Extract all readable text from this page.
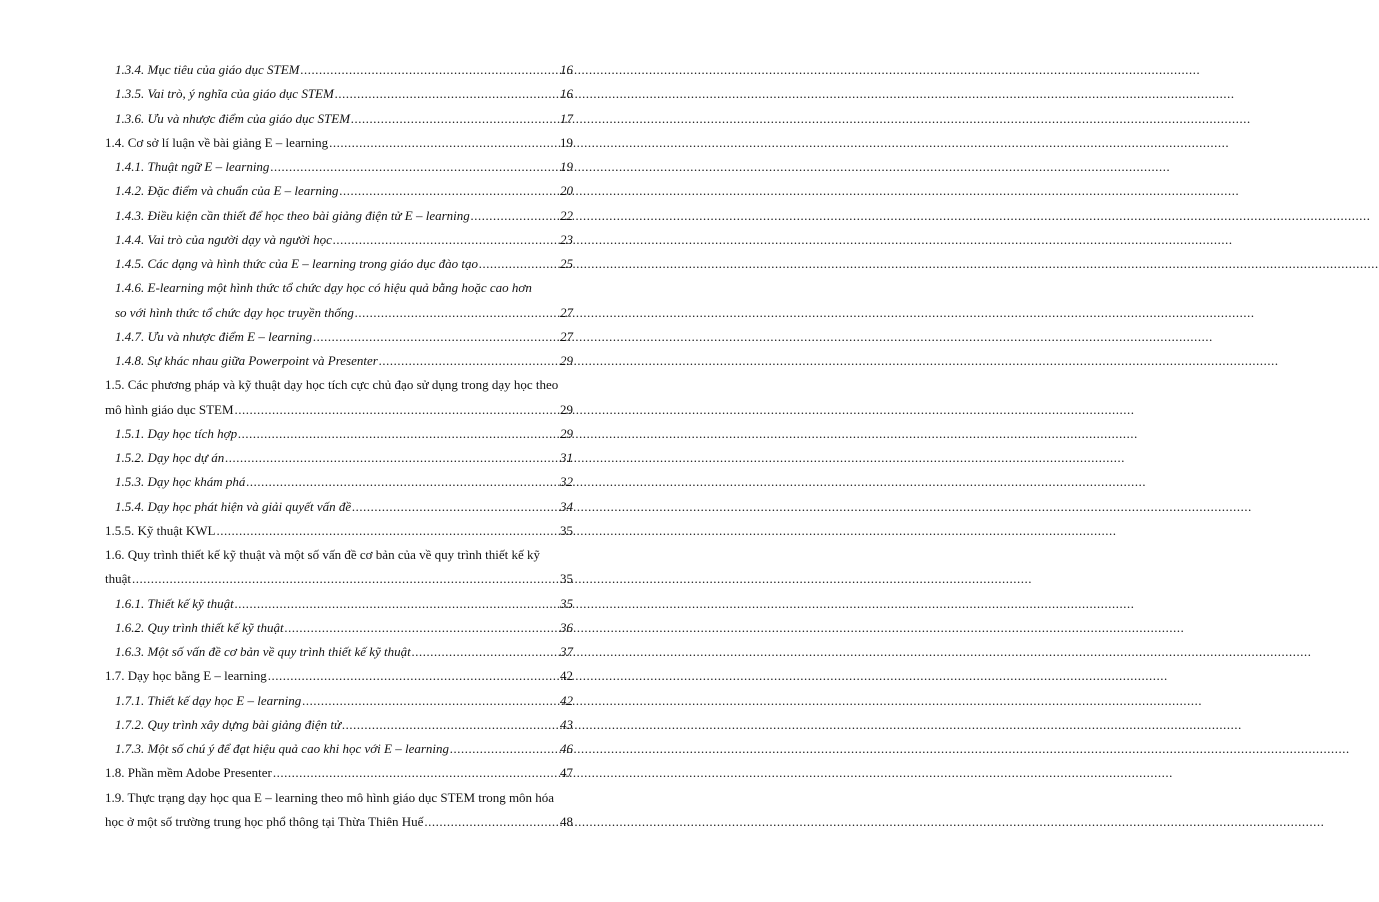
1.3.4. Mục tiêu của giáo dục STEM .....	16
1.3.5. Vai trò, ý nghĩa của giáo dục STEM .....	16
1.3.6. Ưu và nhược điểm của giáo dục STEM .....	17
1.4. Cơ sở lí luận về bài giảng E – learning .....	19
1.4.1. Thuật ngữ E – learning .....	19
1.4.2. Đặc điểm và chuẩn của E – learning .....	20
1.4.3. Điều kiện cần thiết để học theo bài giảng điện tử E – learning .....	22
1.4.4. Vai trò của người dạy và người học .....	23
1.4.5. Các dạng và hình thức của E – learning trong giáo dục đào tạo .....	25
1.4.6. E-learning một hình thức tổ chức dạy học có hiệu quả bằng hoặc cao hơn
so với hình thức tổ chức dạy học truyền thống .....	27
1.4.7. Ưu và nhược điểm E – learning .....	27
1.4.8. Sự khác nhau giữa Powerpoint và Presenter .....	29
1.5. Các phương pháp và kỹ thuật dạy học tích cực chủ đạo sử dụng trong dạy học theo
mô hình giáo dục STEM .....	29
1.5.1. Dạy học tích hợp .....	29
1.5.2. Dạy học dự án .....	31
1.5.3. Dạy học khám phá .....	32
1.5.4. Dạy học phát hiện và giải quyết vấn đề .....	34
1.5.5. Kỹ thuật KWL .....	35
1.6. Quy trình thiết kế kỹ thuật và một số vấn đề cơ bản của về quy trình thiết kế kỹ
thuật .....	35
1.6.1. Thiết kế kỹ thuật .....	35
1.6.2. Quy trình thiết kế kỹ thuật .....	36
1.6.3. Một số vấn đề cơ bản về quy trình thiết kế kỹ thuật .....	37
1.7. Dạy học bằng E – learning .....	42
1.7.1. Thiết kế dạy học E – learning .....	42
1.7.2. Quy trình xây dựng bài giảng điện tử .....	43
1.7.3. Một số chú ý để đạt hiệu quả cao khi học với E – learning .....	46
1.8. Phần mềm Adobe Presenter .....	47
1.9. Thực trạng dạy học qua E – learning theo mô hình giáo dục STEM trong môn hóa
học ở một số trường trung học phổ thông tại Thừa Thiên Huế .....	48
